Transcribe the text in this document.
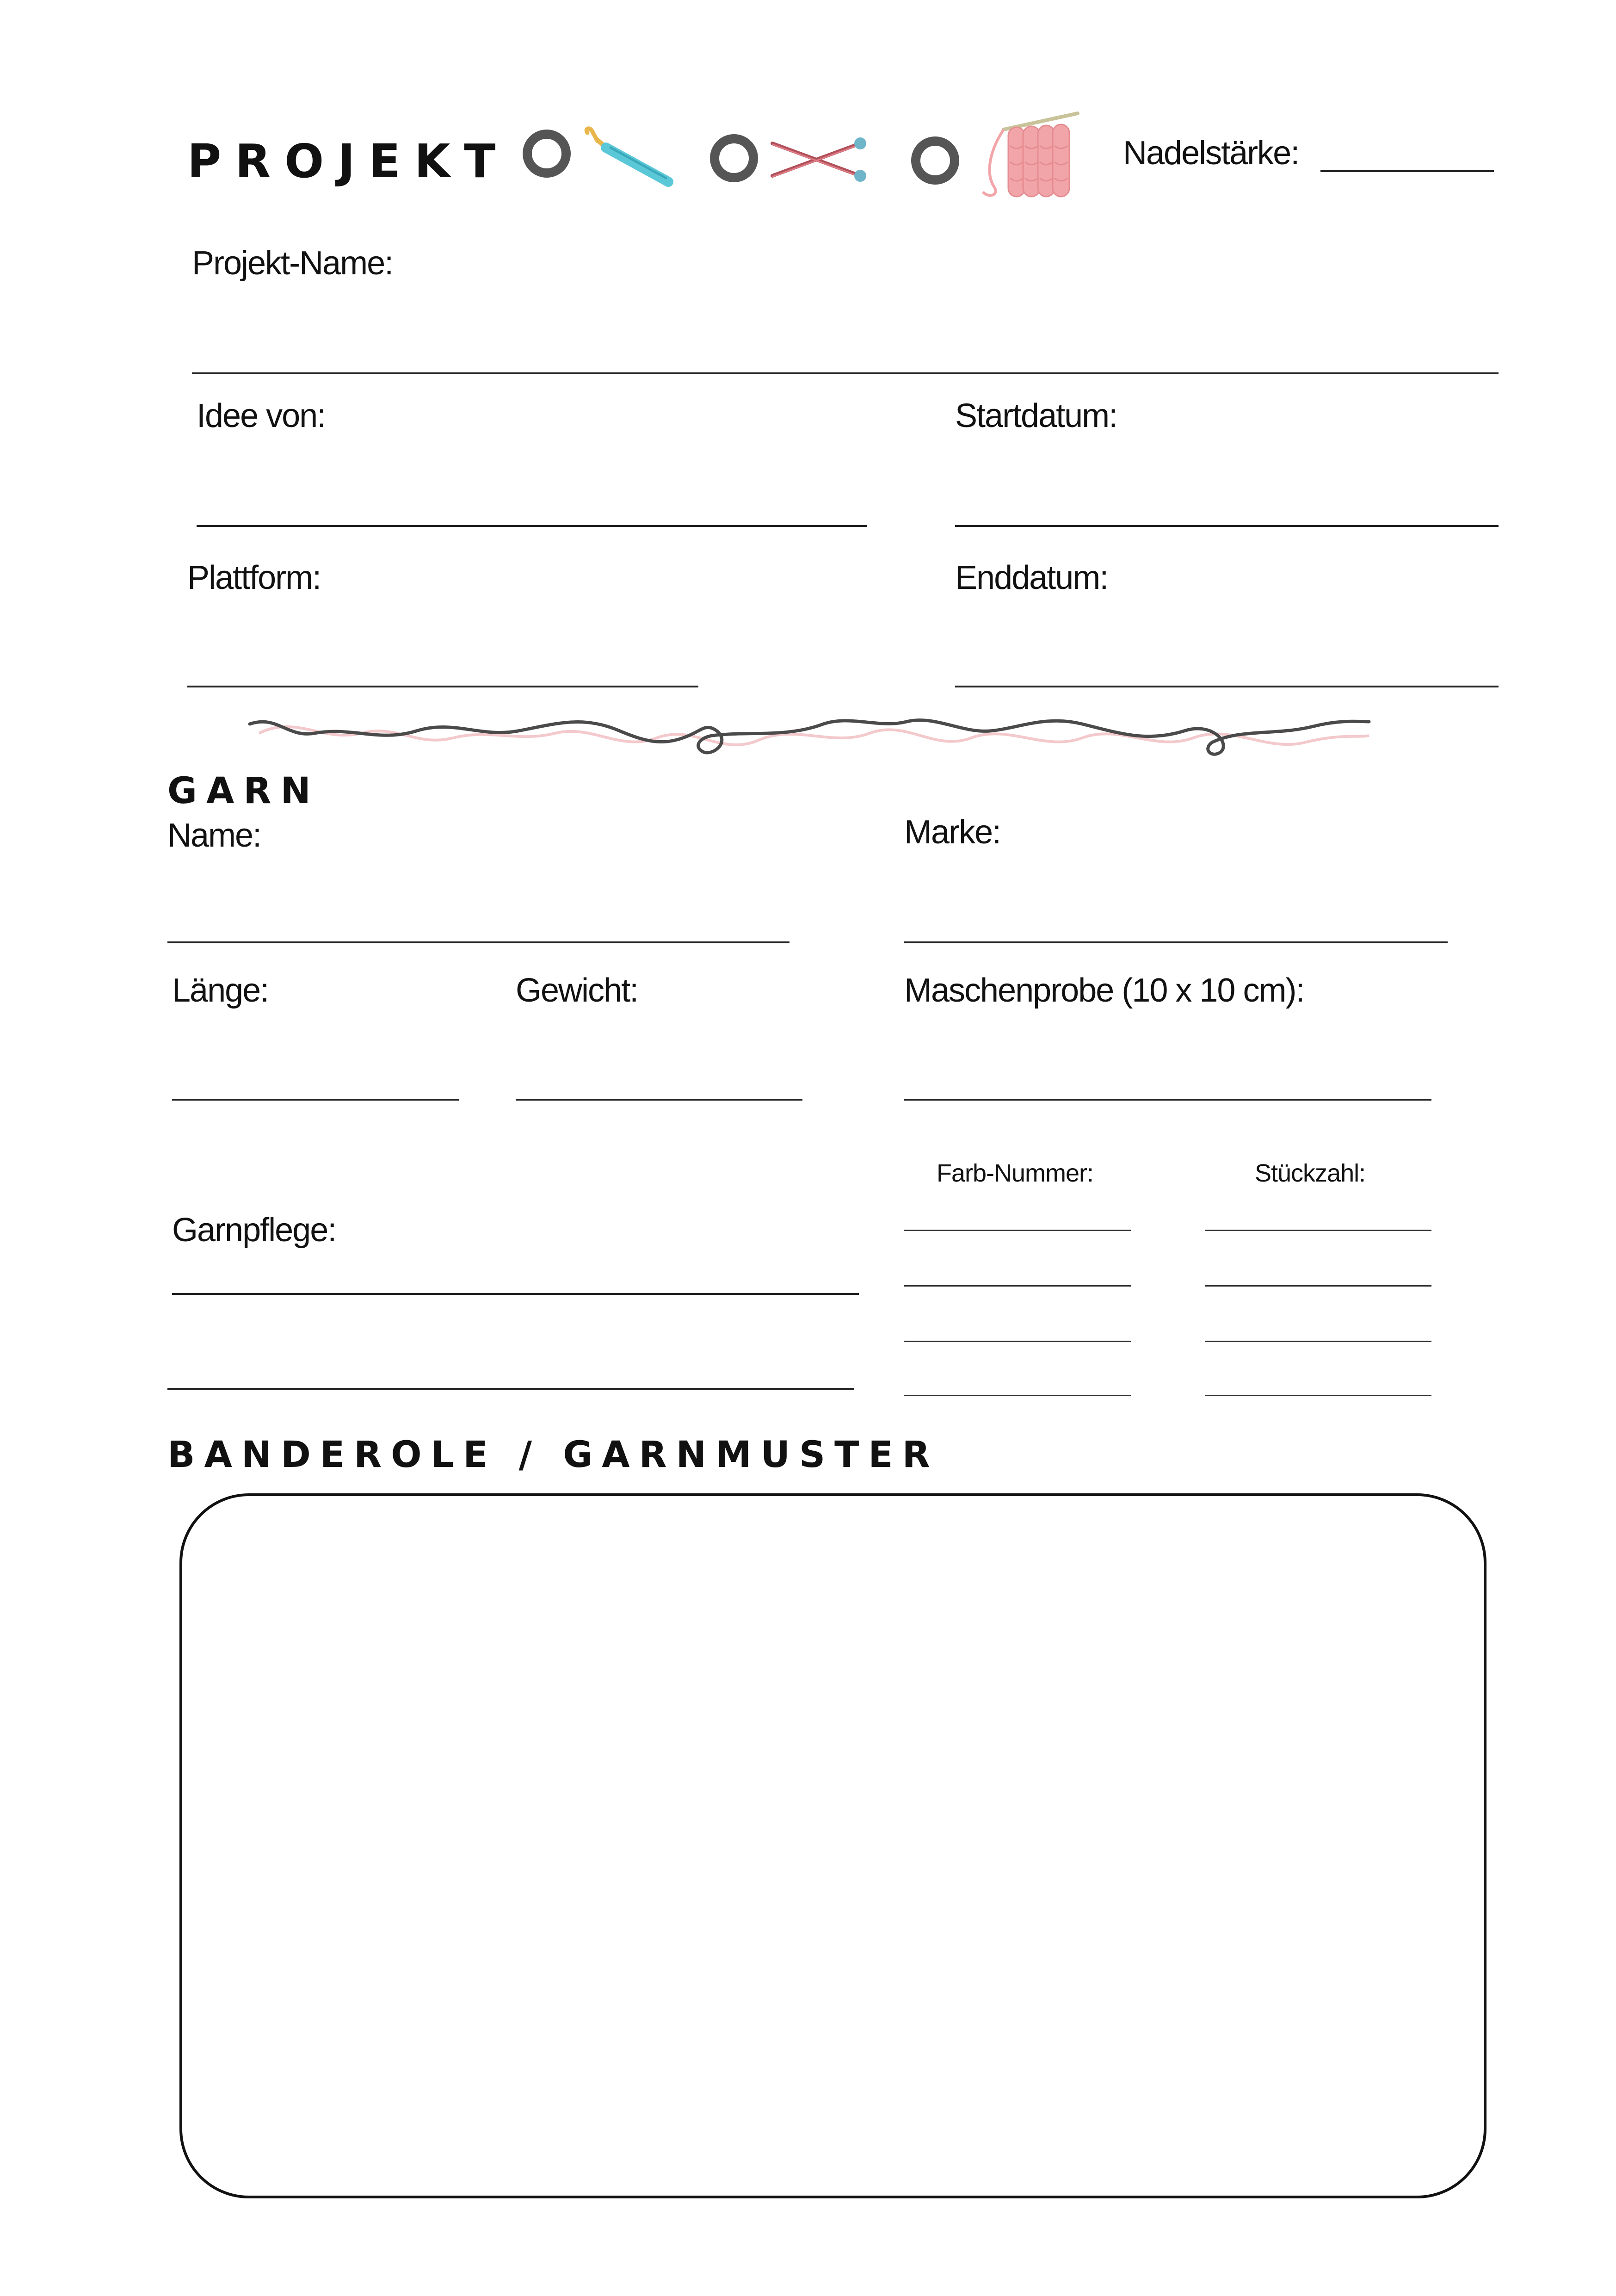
PROJEKT	Nadelstärke:
Projekt-Name:
Idee von:	Startdatum:
Plattform:	Enddatum:
GARN
Name:	Marke:
Länge:	Gewicht:	Maschenprobe (10 x 10 cm):
Farb-Nummer:	Stückzahl:
Garnpflege:
BANDEROLE / GARNMUSTER
